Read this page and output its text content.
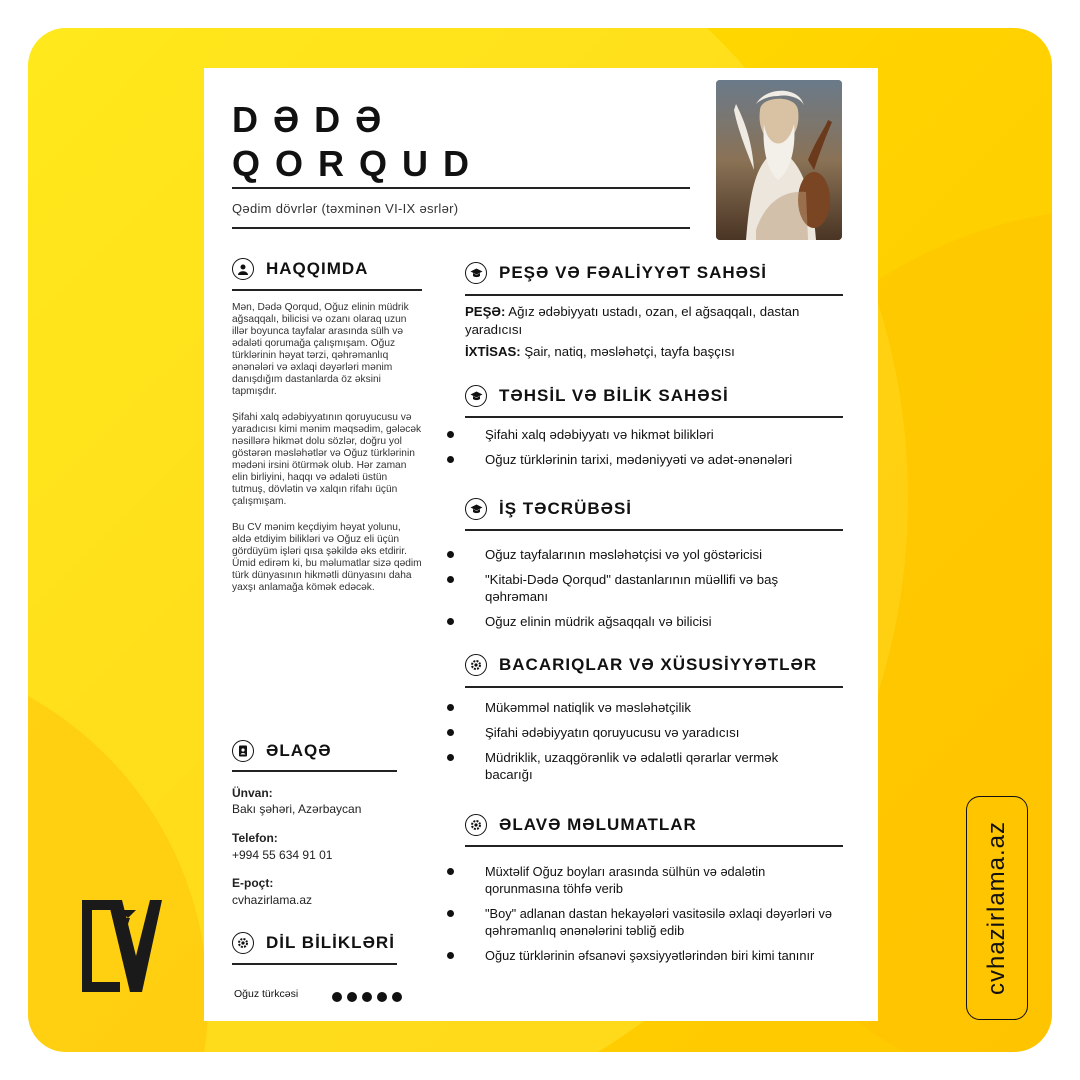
cvhazirlama.az
DƏDƏ
QORQUD
Qədim dövrlər (təxminən VI-IX əsrlər)
HAQQIMDA

Mən, Dədə Qorqud, Oğuz elinin müdrik ağsaqqalı, bilicisi və ozanı olaraq uzun illər boyunca tayfalar arasında sülh və ədaləti qorumağa çalışmışam. Oğuz türklərinin həyat tərzi, qəhrəmanlıq ənənələri və əxlaqi dəyərləri mənim danışdığım dastanlarda öz əksini tapmışdır.

Şifahi xalq ədəbiyyatının qoruyucusu və yaradıcısı kimi mənim məqsədim, gələcək nəsillərə hikmət dolu sözlər, doğru yol göstərən məsləhətlər və Oğuz türklərinin mədəni irsini ötürmək olub. Hər zaman elin birliyini, haqqı və ədaləti üstün tutmuş, dövlətin və xalqın rifahı üçün çalışmışam.

Bu CV mənim keçdiyim həyat yolunu, əldə etdiyim bilikləri və Oğuz eli üçün gördüyüm işləri qısa şəkildə əks etdirir. Ümid edirəm ki, bu məlumatlar sizə qədim türk dünyasının hikmətli dünyasını daha yaxşı anlamağa kömək edəcək.

ƏLAQƏ
Ünvan:
Bakı şəhəri, Azərbaycan
Telefon:
+994 55 634 91 01
E-poçt:
cvhazirlama.az
DİL BİLİKLƏRİ
Oğuz türkcəsi
PEŞƏ VƏ FƏALİYYƏT SAHƏSİ
PEŞƏ: Ağız ədəbiyyatı ustadı, ozan, el ağsaqqalı, dastan yaradıcısı
İXTİSAS: Şair, natiq, məsləhətçi, tayfa başçısı
TƏHSİL VƏ BİLİK SAHƏSİ
Şifahi xalq ədəbiyyatı və hikmət bilikləri
Oğuz türklərinin tarixi, mədəniyyəti və adət-ənənələri
İŞ TƏCRÜBƏSİ
Oğuz tayfalarının məsləhətçisi və yol göstəricisi
"Kitabi-Dədə Qorqud" dastanlarının müəllifi və baş qəhrəmanı
Oğuz elinin müdrik ağsaqqalı və bilicisi
BACARIQLAR VƏ XÜSUSİYYƏTLƏR
Mükəmməl natiqlik və məsləhətçilik
Şifahi ədəbiyyatın qoruyucusu və yaradıcısı
Müdriklik, uzaqgörənlik və ədalətli qərarlar vermək bacarığı
ƏLAVƏ MƏLUMATLAR
Müxtəlif Oğuz boyları arasında sülhün və ədalətin qorunmasına töhfə verib
"Boy" adlanan dastan hekayələri vasitəsilə əxlaqi dəyərləri və qəhrəmanlıq ənənələrini təbliğ edib
Oğuz türklərinin əfsanəvi şəxsiyyətlərindən biri kimi tanınır
